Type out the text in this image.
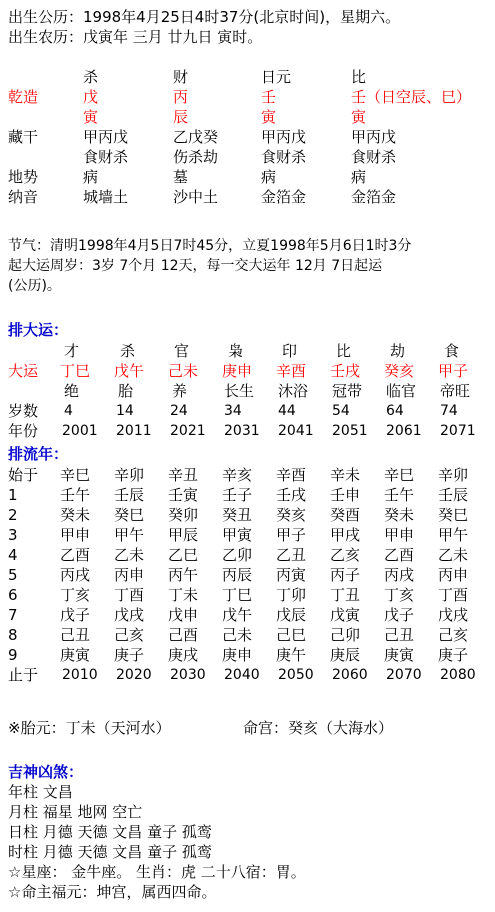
出生公历：1998年4月25日4时37分(北京时间)，星期六。
出生农历：戊寅年 三月 廿九日 寅时。
杀	财	日元	比
乾造	戊	丙	壬	壬（日空辰、巳）
寅	辰	寅	寅
藏干	甲丙戊	乙戊癸	甲丙戊	甲丙戊
食财杀	伤杀劫	食财杀	食财杀
地势	病	墓	病	病
纳音	城墙土	沙中土	金箔金	金箔金
节气：清明1998年4月5日7时45分，立夏1998年5月6日1时3分
起大运周岁：3岁 7个月 12天，每一交大运年 12月 7日起运
(公历)。
排大运：
才	杀	官	枭	印	比	劫	食
大运 丁巳 戊午 己未 庚申 辛酉 壬戌 癸亥 甲子
绝	胎	养 长生 沐浴 冠带 临官 帝旺
岁数 4	14	24	34	44	54	64	74
年份 2001 2011 2021 2031 2041 2051 2061 2071
排流年：
始于 辛巳 辛卯 辛丑 辛亥 辛酉 辛未 辛巳 辛卯
1	壬午 壬辰 壬寅 壬子 壬戌 壬申 壬午 壬辰
2	癸未 癸巳 癸卯 癸丑 癸亥 癸酉 癸未 癸巳
3	甲申 甲午 甲辰 甲寅 甲子 甲戌 甲申 甲午
4	乙酉 乙未 乙巳 乙卯 乙丑 乙亥 乙酉 乙未
5	丙戌 丙申 丙午 丙辰 丙寅 丙子 丙戌 丙申
6	丁亥 丁酉 丁未 丁巳 丁卯 丁丑 丁亥 丁酉
7	戊子 戊戌 戊申 戊午 戊辰 戊寅 戊子 戊戌
8	己丑 己亥 己酉 己未 己巳 己卯 己丑 己亥
9	庚寅 庚子 庚戌 庚申 庚午 庚辰 庚寅 庚子
止于 2010 2020 2030 2040 2050 2060 2070 2080
※胎元：丁未（天河水）	命宫：癸亥（大海水）
吉神凶煞：
年柱 文昌
月柱 福星 地网 空亡
日柱 月德 天德 文昌 童子 孤鸾
时柱 月德 天德 文昌 童子 孤鸾
☆星座： 金牛座。 生肖：虎 二十八宿：胃。
☆命主福元：坤宫，属西四命。
